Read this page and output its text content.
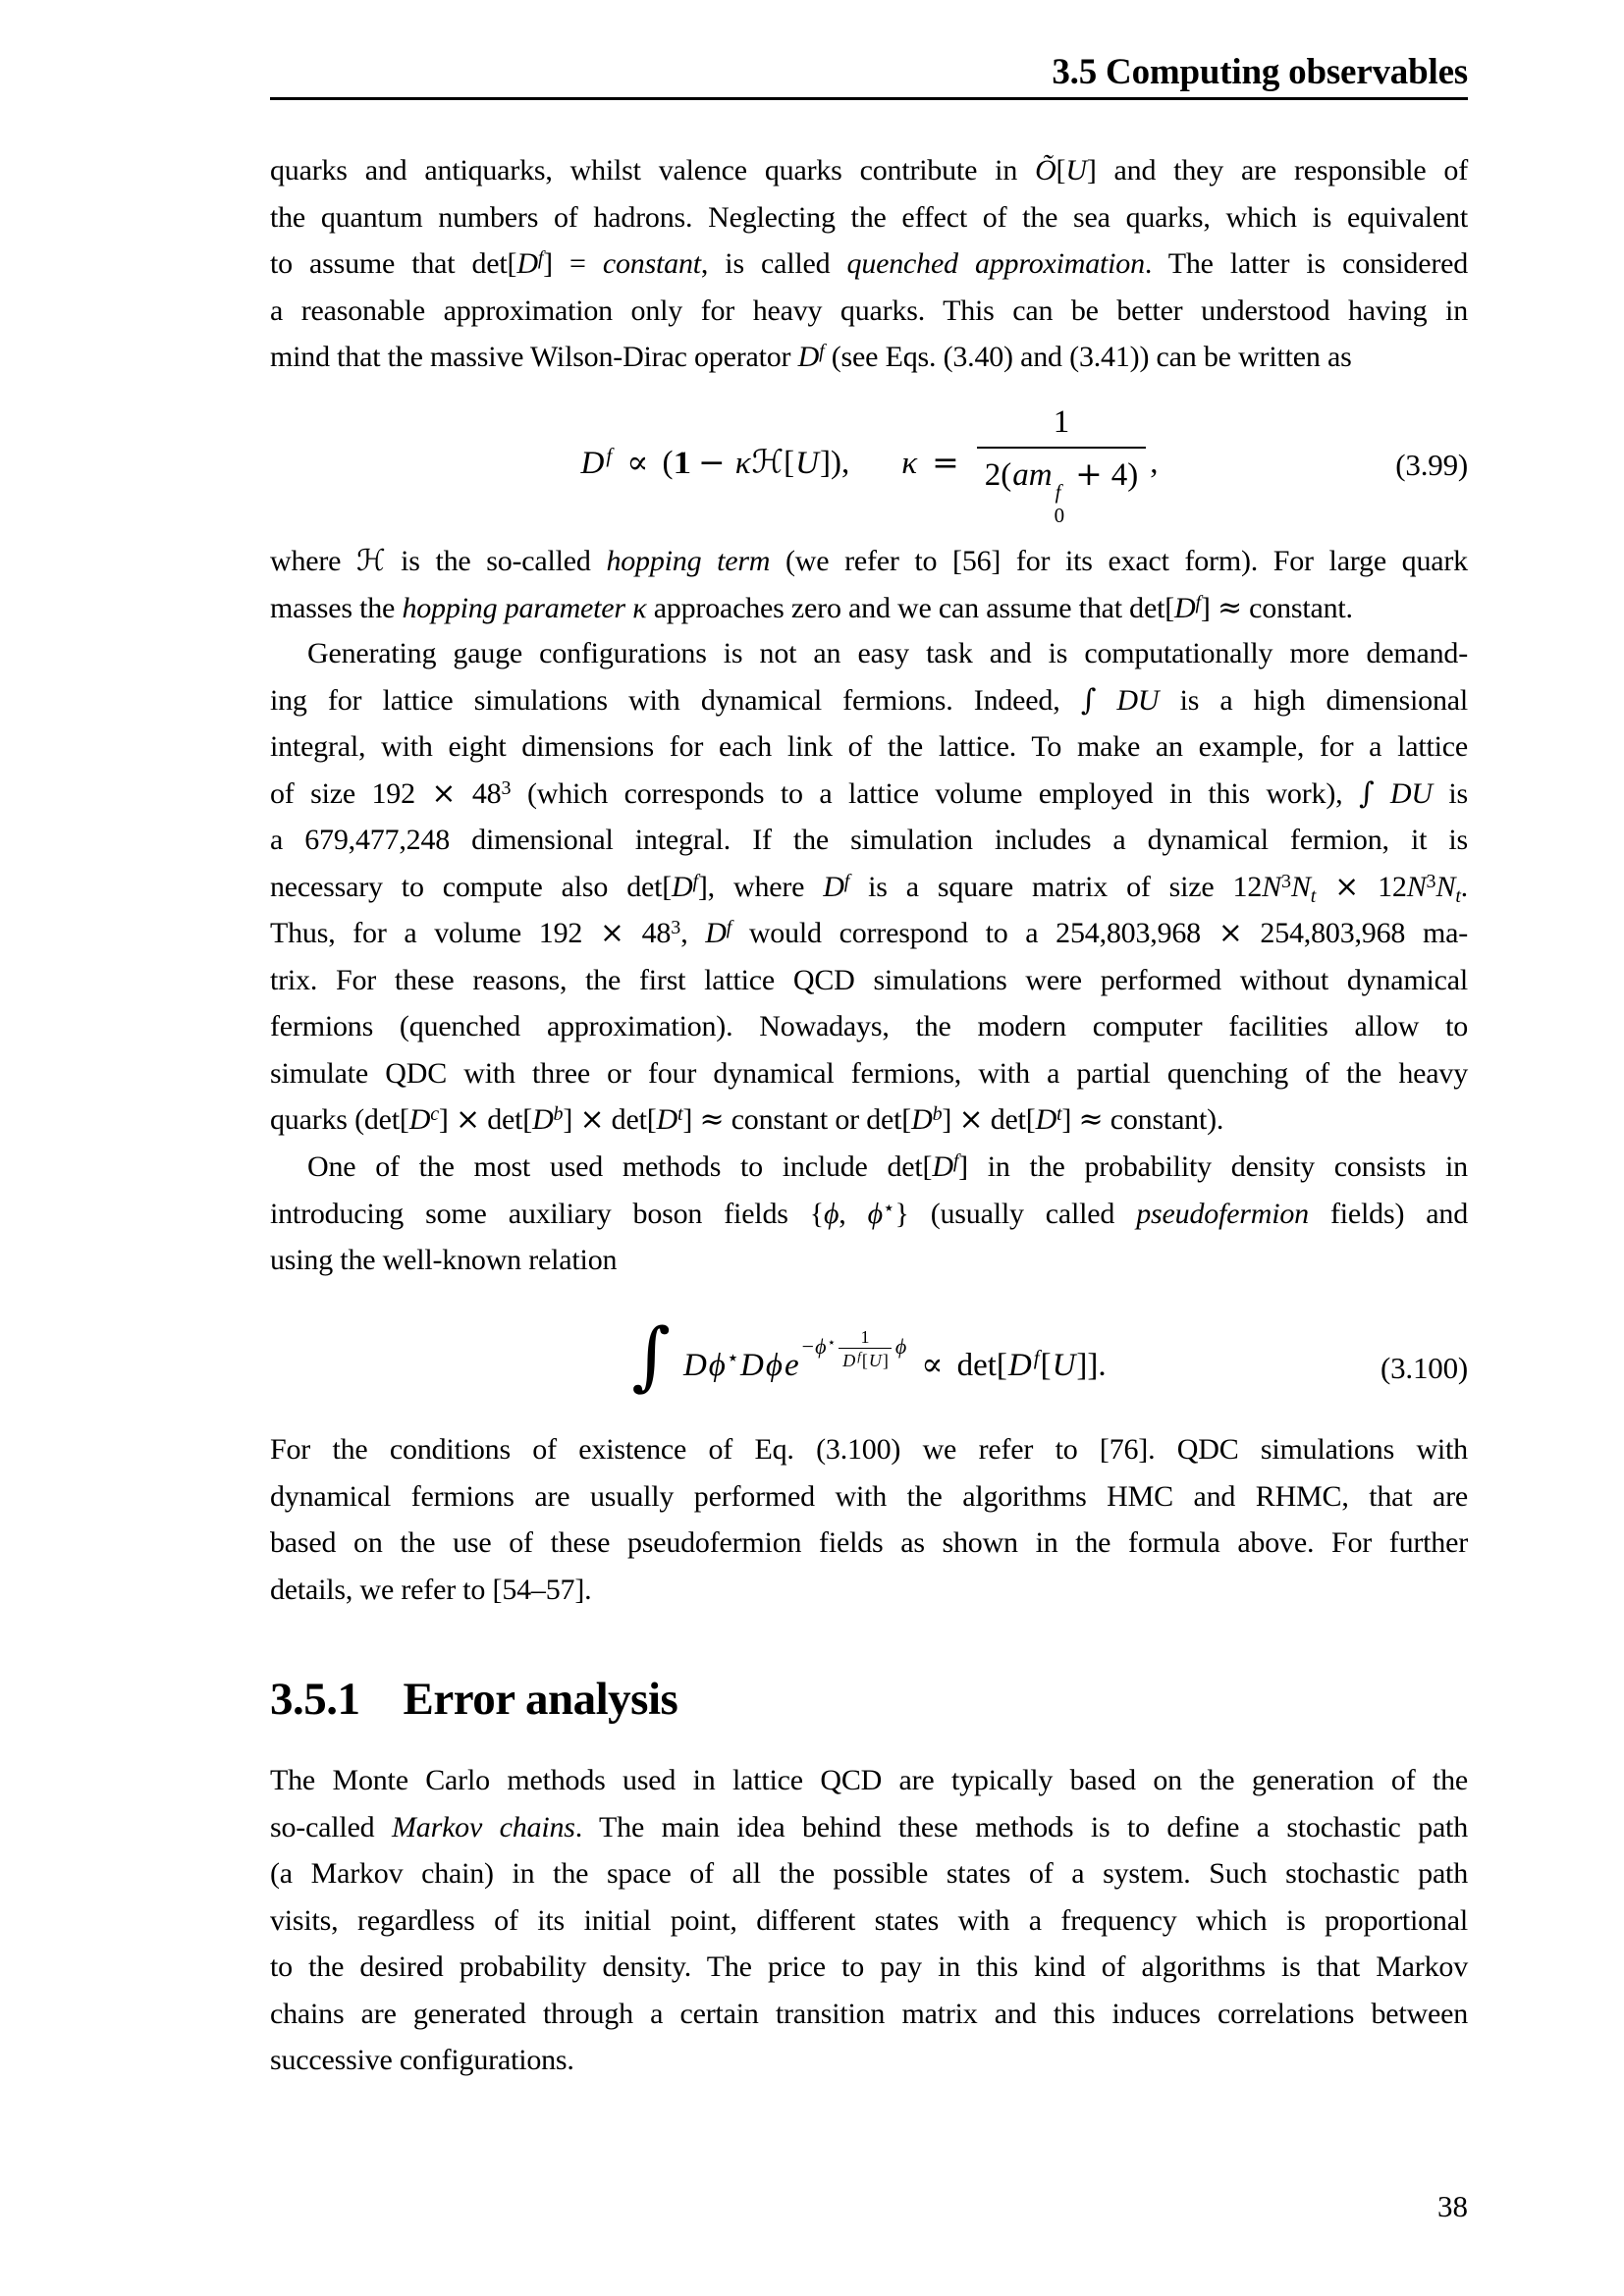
3.5 Computing observables
quarks and antiquarks, whilst valence quarks contribute in Õ[U] and they are responsible of
the quantum numbers of hadrons. Neglecting the effect of the sea quarks, which is equivalent
to assume that $\det[D^f]$ = constant, is called quenched approximation. The latter is considered
a reasonable approximation only for heavy quarks. This can be better understood having in
mind that the massive Wilson-Dirac operator $D^f$ (see Eqs. (3.40) and (3.41)) can be written as
$D^f \propto (1$ 1 − κℋ[U]), κ = 1
2(am f
0
+ 4) ,	(3.99)
where ℋ is the so-called hopping term (we refer to [56] for its exact form). For large quark
masses the hopping parameter κ approaches zero and we can assume that $\det[D^f]$ ≈ constant.
Generating gauge configurations is not an easy task and is computationally more demand-
ing for lattice simulations with dynamical fermions. Indeed, ∫ DU is a high dimensional
integral, with eight dimensions for each link of the lattice. To make an example, for a lattice
of size $192 \times 48^3$ (which corresponds to a lattice volume employed in this work), ∫ DU is
a 679,477,248 dimensional integral. If the simulation includes a dynamical fermion, it is
necessary to compute also $\det[D^f]$, where $D^f$ is a square matrix of size $12N^3N_t \times 12N^3N_t$.
Thus, for a volume $192 \times 48^3$, $D^f$ would correspond to a 254,803,968 × 254,803,968 ma-
trix. For these reasons, the first lattice QCD simulations were performed without dynamical
fermions (quenched approximation). Nowadays, the modern computer facilities allow to
simulate QDC with three or four dynamical fermions, with a partial quenching of the heavy
quarks ($\det[D^c] \times \det[D^b] \times \det[D^t]$ ≈ constant or $\det[D^b] \times \det[D^t]$ ≈ constant).
One of the most used methods to include $\det[D^f]$ in the probability density consists in
introducing some auxiliary boson fields {ϕ, ϕ⋆} (usually called pseudofermion fields) and
using the well-known relation
∫ $D\phi^⋆D\phi e-\phi^⋆ \frac{1}{D ^f[U]}$ $\phi \propto \det[D^f[U]]$.	(3.100)
For the conditions of existence of Eq. (3.100) we refer to [76]. QDC simulations with
dynamical fermions are usually performed with the algorithms HMC and RHMC, that are
based on the use of these pseudofermion fields as shown in the formula above. For further
details, we refer to [54–57].
3.5.1 Error analysis
The Monte Carlo methods used in lattice QCD are typically based on the generation of the
so-called Markov chains. The main idea behind these methods is to define a stochastic path
(a Markov chain) in the space of all the possible states of a system. Such stochastic path
visits, regardless of its initial point, different states with a frequency which is proportional
to the desired probability density. The price to pay in this kind of algorithms is that Markov
chains are generated through a certain transition matrix and this induces correlations between
successive configurations.
38
